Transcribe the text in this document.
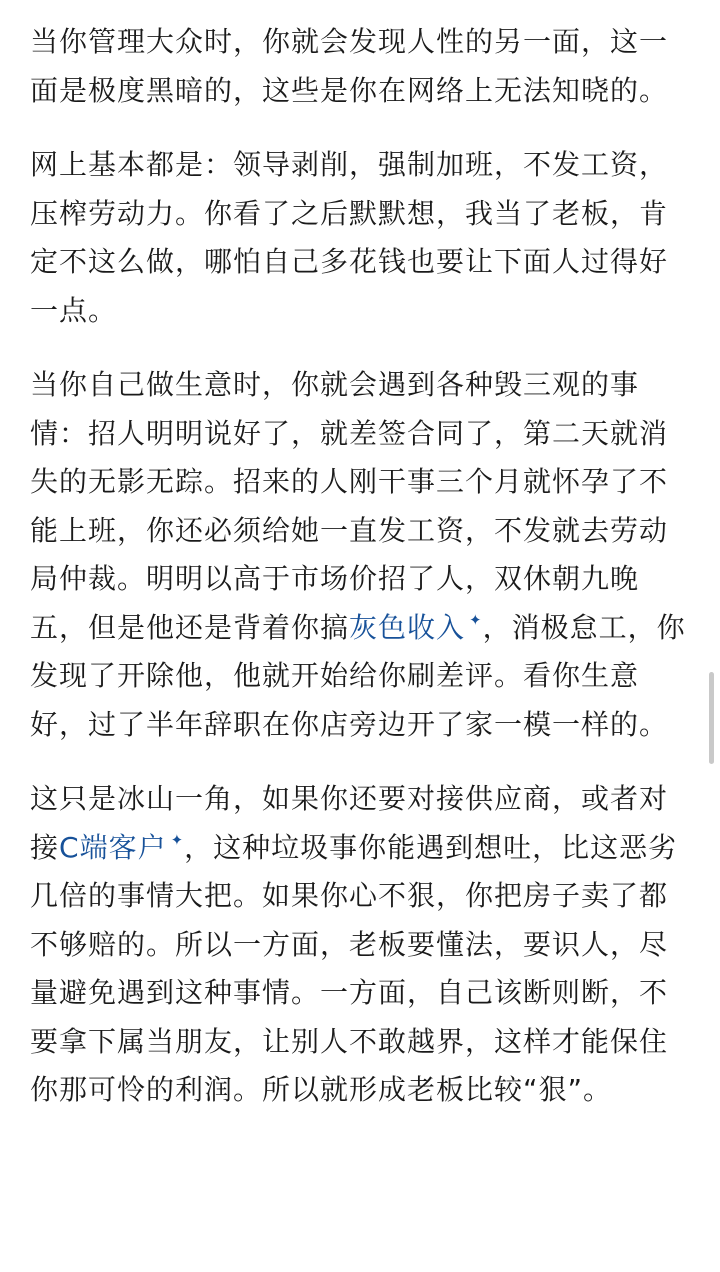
当你管理大众时，你就会发现人性的另一面，这一面是极度黑暗的，这些是你在网络上无法知晓的。

网上基本都是：领导剥削，强制加班，不发工资，压榨劳动力。你看了之后默默想，我当了老板，肯定不这么做，哪怕自己多花钱也要让下面人过得好一点。

当你自己做生意时，你就会遇到各种毁三观的事情：招人明明说好了，就差签合同了，第二天就消失的无影无踪。招来的人刚干事三个月就怀孕了不能上班，你还必须给她一直发工资，不发就去劳动局仲裁。明明以高于市场价招了人，双休朝九晚五，但是他还是背着你搞灰色收入 ✦，消极怠工，你发现了开除他，他就开始给你刷差评。看你生意好，过了半年辞职在你店旁边开了家一模一样的。

这只是冰山一角，如果你还要对接供应商，或者对接C端客户 ✦，这种垃圾事你能遇到想吐，比这恶劣几倍的事情大把。如果你心不狠，你把房子卖了都不够赔的。所以一方面，老板要懂法，要识人，尽量避免遇到这种事情。一方面，自己该断则断，不要拿下属当朋友，让别人不敢越界，这样才能保住你那可怜的利润。所以就形成老板比较“狠”。
